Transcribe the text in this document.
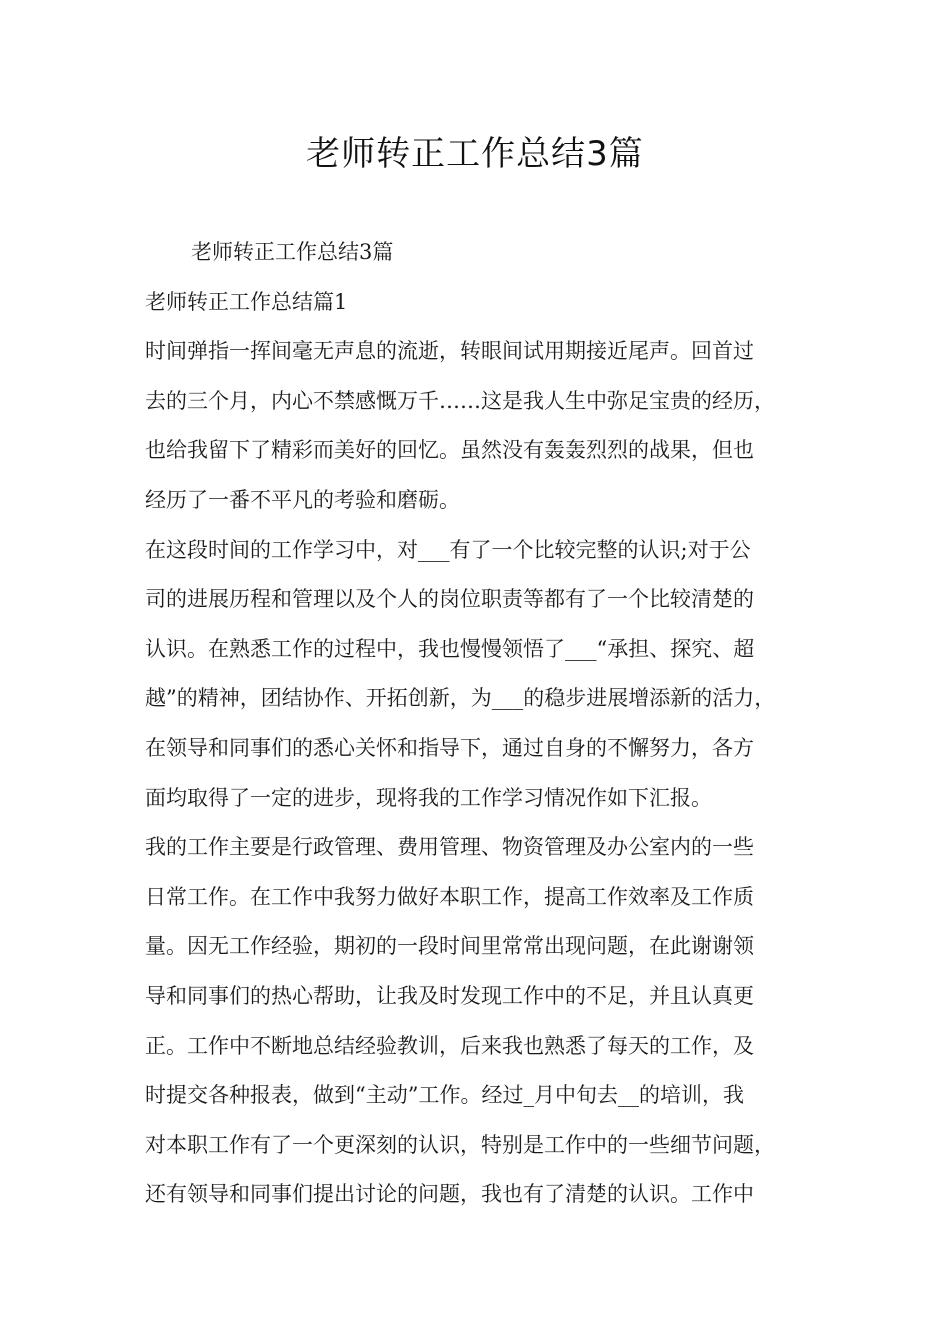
老师转正工作总结3篇

老师转正工作总结3篇

老师转正工作总结篇1

时间弹指一挥间毫无声息的流逝，转眼间试用期接近尾声。回首过
去的三个月，内心不禁感慨万千……这是我人生中弥足宝贵的经历，
也给我留下了精彩而美好的回忆。虽然没有轰轰烈烈的战果，但也
经历了一番不平凡的考验和磨砺。

在这段时间的工作学习中，对___有了一个比较完整的认识;对于公
司的进展历程和管理以及个人的岗位职责等都有了一个比较清楚的
认识。在熟悉工作的过程中，我也慢慢领悟了___“承担、探究、超
越”的精神，团结协作、开拓创新，为___的稳步进展增添新的活力，
在领导和同事们的悉心关怀和指导下，通过自身的不懈努力，各方
面均取得了一定的进步，现将我的工作学习情况作如下汇报。

我的工作主要是行政管理、费用管理、物资管理及办公室内的一些
日常工作。在工作中我努力做好本职工作，提高工作效率及工作质
量。因无工作经验，期初的一段时间里常常出现问题，在此谢谢领
导和同事们的热心帮助，让我及时发现工作中的不足，并且认真更
正。工作中不断地总结经验教训，后来我也熟悉了每天的工作，及
时提交各种报表，做到“主动”工作。经过_月中旬去__的培训，我
对本职工作有了一个更深刻的认识，特别是工作中的一些细节问题，
还有领导和同事们提出讨论的问题，我也有了清楚的认识。工作中
